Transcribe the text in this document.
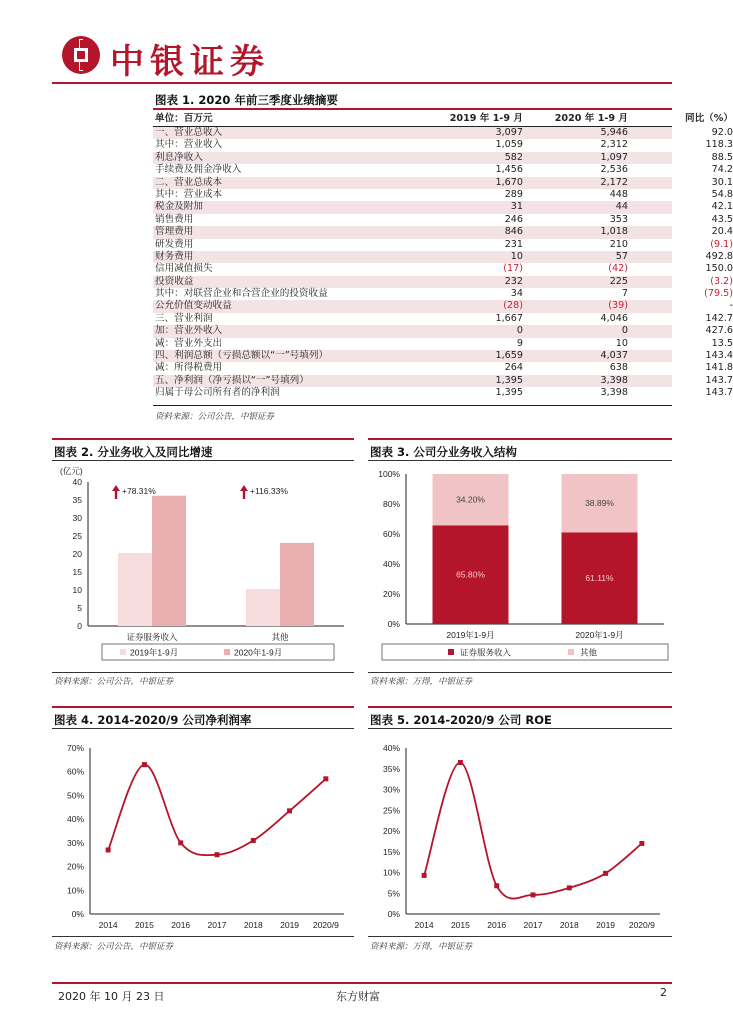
中银证券
图表 1. 2020 年前三季度业绩摘要
单位：百万元	2019 年 1-9 月	2020 年 1-9 月	同比（%）
一、营业总收入	3,097	5,946	92.0
其中：营业收入	1,059	2,312	118.3
利息净收入	582	1,097	88.5
手续费及佣金净收入	1,456	2,536	74.2
二、营业总成本	1,670	2,172	30.1
其中：营业成本	289	448	54.8
税金及附加	31	44	42.1
销售费用	246	353	43.5
管理费用	846	1,018	20.4
研发费用	231	210	(9.1)
财务费用	10	57	492.8
信用减值损失	(17)	(42)	150.0
投资收益	232	225	(3.2)
其中：对联营企业和合营企业的投资收益	34	7	(79.5)
公允价值变动收益	(28)	(39)	-
三、营业利润	1,667	4,046	142.7
加：营业外收入	0	0	427.6
减：营业外支出	9	10	13.5
四、利润总额（亏损总额以“一”号填列）	1,659	4,037	143.4
减：所得税费用	264	638	141.8
五、净利润（净亏损以“一”号填列）	1,395	3,398	143.7
归属于母公司所有者的净利润	1,395	3,398	143.7
资料来源：公司公告，中银证券
图表 2. 分业务收入及同比增速
(亿元)
0
5
10
15
20
25
30
35
40
证券服务收入
+78.31%
其他
+116.33%
2019年1-9月	2020年1-9月
资料来源：公司公告，中银证券
图表 3. 公司分业务收入结构
0%
20%
40%
60%
80%
100%
65.80%
34.20%
2019年1-9月
61.11%
38.89%
2020年1-9月
证券服务收入	其他
资料来源：万得，中银证券
图表 4. 2014-2020/9 公司净利润率
0%
10%
20%
30%
40%
50%
60%
70%
2014 2015 2016 2017 2018 2019 2020/9
资料来源：公司公告，中银证券
图表 5. 2014-2020/9 公司 ROE
0%
5%
10%
15%
20%
25%
30%
35%
40%
2014 2015 2016 2017 2018 2019 2020/9
资料来源：万得，中银证券
2020 年 10 月 23 日	东方财富	2
